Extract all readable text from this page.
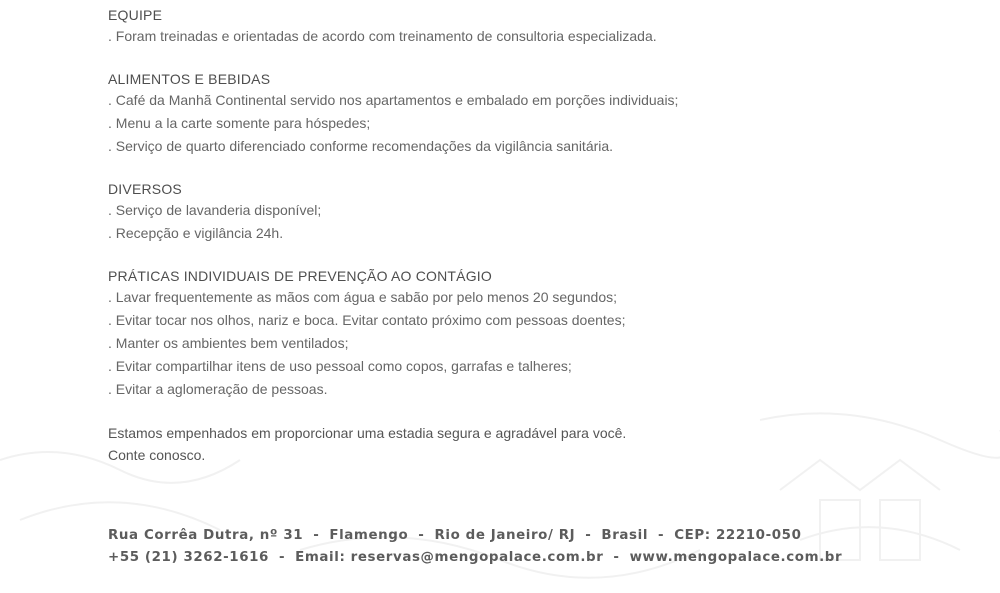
EQUIPE
. Foram treinadas e orientadas de acordo com treinamento de consultoria especializada.
ALIMENTOS E BEBIDAS
. Café da Manhã Continental servido nos apartamentos e embalado em porções individuais;
. Menu a la carte somente para hóspedes;
. Serviço de quarto diferenciado conforme recomendações da vigilância sanitária.
DIVERSOS
. Serviço de lavanderia disponível;
. Recepção e vigilância 24h.
PRÁTICAS INDIVIDUAIS DE PREVENÇÃO AO CONTÁGIO
. Lavar frequentemente as mãos com água e sabão por pelo menos 20 segundos;
. Evitar tocar nos olhos, nariz e boca. Evitar contato próximo com pessoas doentes;
. Manter os ambientes bem ventilados;
. Evitar compartilhar itens de uso pessoal como copos, garrafas e talheres;
. Evitar a aglomeração de pessoas.
Estamos empenhados em proporcionar uma estadia segura e agradável para você.
Conte conosco.
Rua Corrêa Dutra, nº 31 - Flamengo - Rio de Janeiro/ RJ - Brasil - CEP: 22210-050
+55 (21) 3262-1616 - Email: reservas@mengopalace.com.br - www.mengopalace.com.br
